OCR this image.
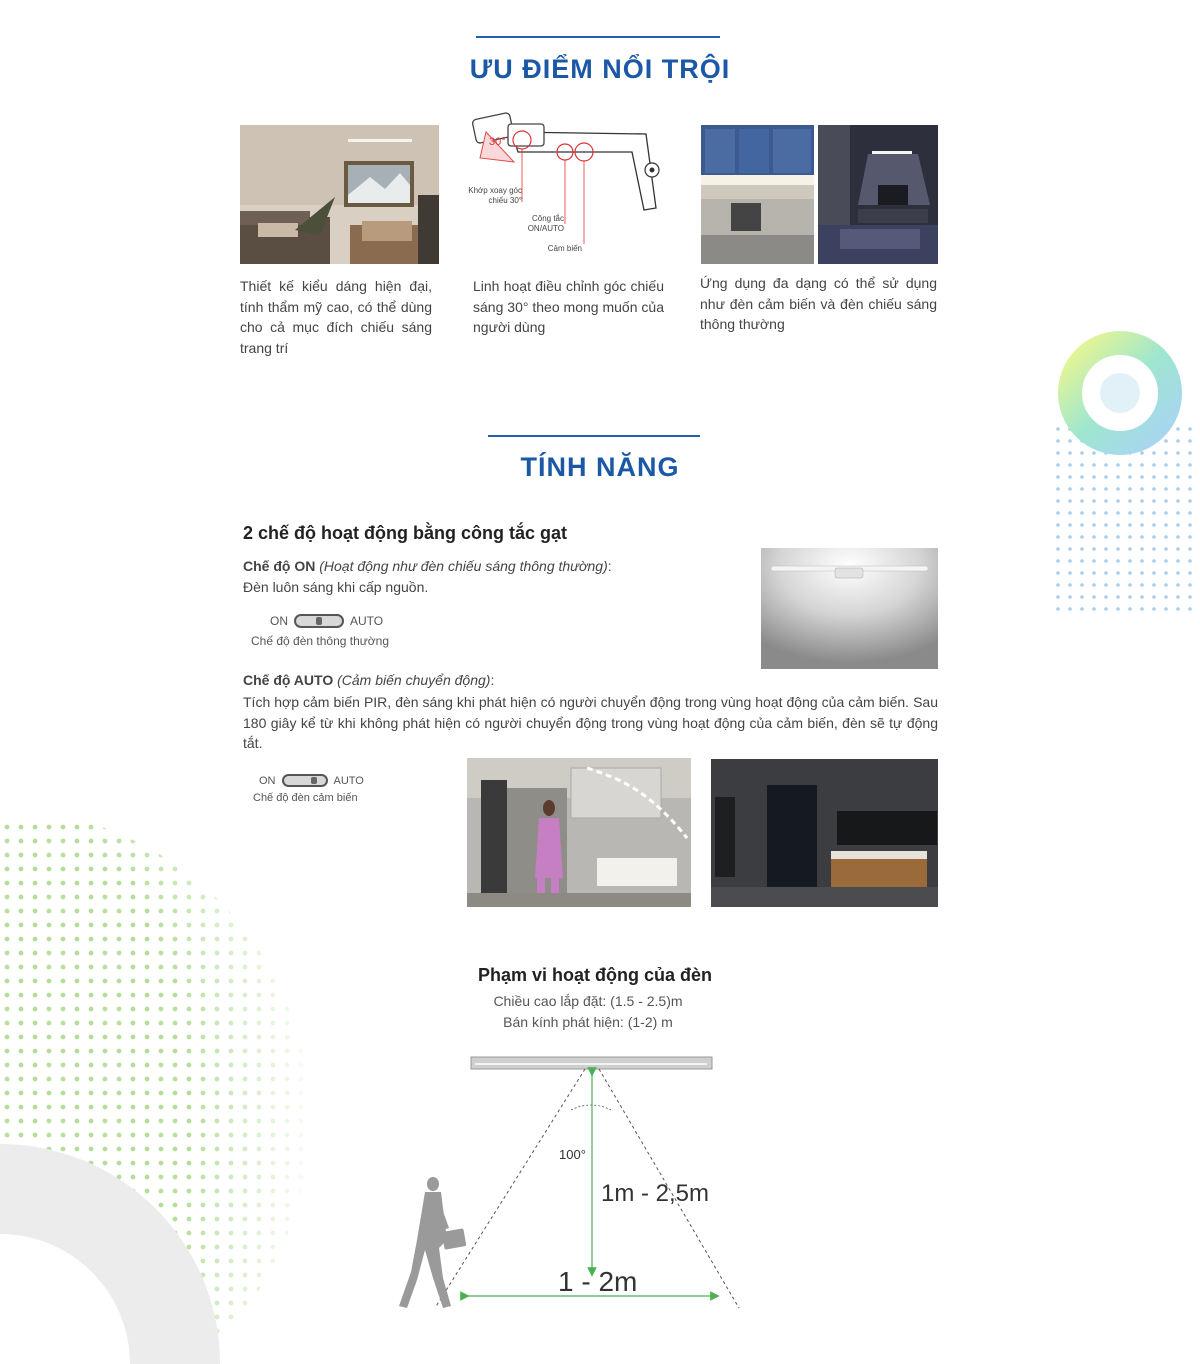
ƯU ĐIỂM NỔI TRỘI
30°
Khớp xoay góc chiếu 30°
Công tắc ON/AUTO
Cảm biến
Thiết kế kiểu dáng hiện đại, tính thẩm mỹ cao, có thể dùng cho cả mục đích chiếu sáng trang trí
Linh hoạt điều chỉnh góc chiếu sáng 30° theo mong muốn của người dùng
Ứng dụng đa dạng có thể sử dụng như đèn cảm biến và đèn chiếu sáng thông thường
TÍNH NĂNG
2 chế độ hoạt động bằng công tắc gạt
Chế độ ON (Hoạt động như đèn chiếu sáng thông thường):
Đèn luôn sáng khi cấp nguồn.
ON	AUTO
Chế độ đèn thông thường
Chế độ AUTO (Cảm biến chuyển động):
Tích hợp cảm biến PIR, đèn sáng khi phát hiện có người chuyển động trong vùng hoạt động của cảm biến. Sau 180 giây kể từ khi không phát hiện có người chuyển động trong vùng hoạt động của cảm biến, đèn sẽ tự động tắt.
ON	AUTO
Chế độ đèn cảm biến
Phạm vi hoạt động của đèn
Chiều cao lắp đặt: (1.5 - 2.5)m
Bán kính phát hiện: (1-2) m
100°
1m - 2,5m
1 - 2m
